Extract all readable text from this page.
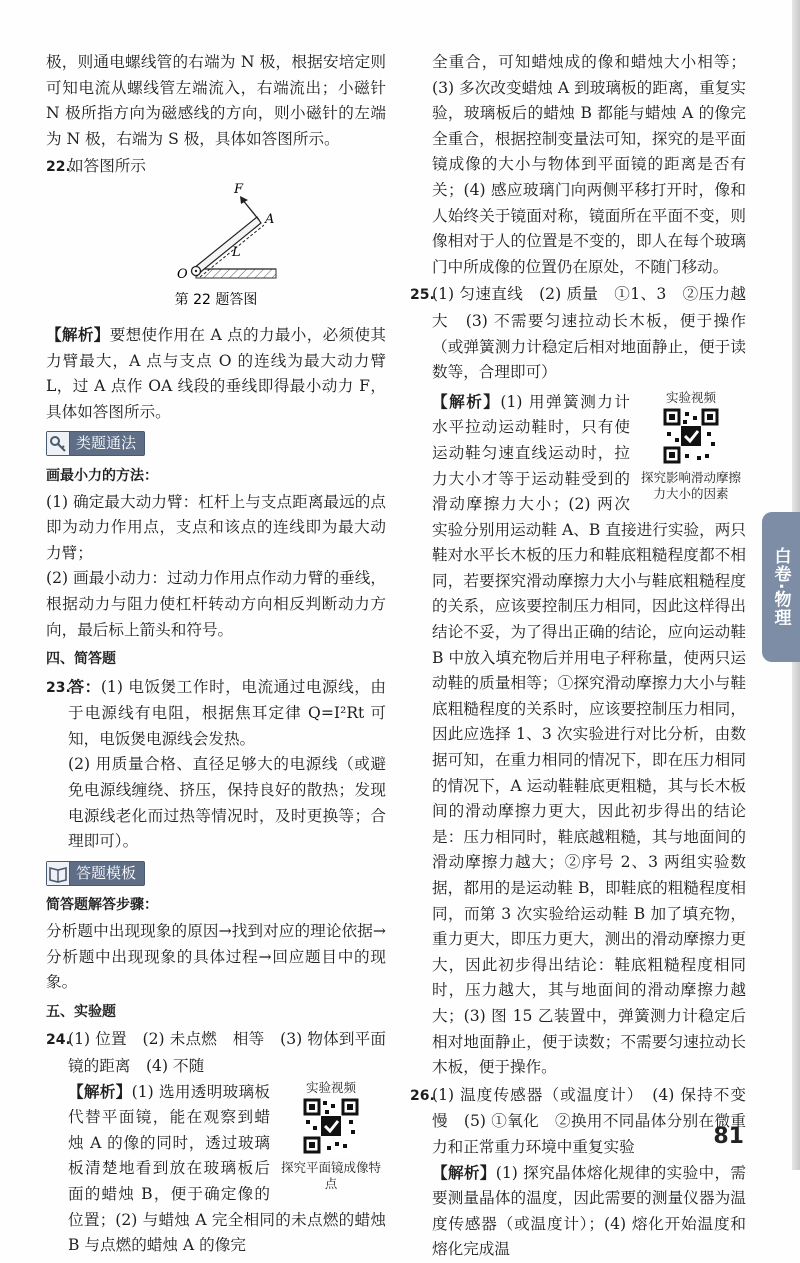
极，则通电螺线管的右端为 N 极，根据安培定则可知电流从螺线管左端流入，右端流出；小磁针 N 极所指方向为磁感线的方向，则小磁针的左端为 N 极，右端为 S 极，具体如答图所示。

22.如答图所示

F
A
L
O
第 22 题答图

【解析】要想使作用在 A 点的力最小，必须使其力臂最大，A 点与支点 O 的连线为最大动力臂 L，过 A 点作 OA 线段的垂线即得最小动力 F，具体如答图所示。

类题通法

画最小力的方法：

(1) 确定最大动力臂：杠杆上与支点距离最远的点即为动力作用点，支点和该点的连线即为最大动力臂；

(2) 画最小动力：过动力作用点作动力臂的垂线，根据动力与阻力使杠杆转动方向相反判断动力方向，最后标上箭头和符号。

四、简答题

23.答：(1) 电饭煲工作时，电流通过电源线，由于电源线有电阻，根据焦耳定律 Q=I²Rt 可知，电饭煲电源线会发热。

(2) 用质量合格、直径足够大的电源线（或避免电源线缠绕、挤压，保持良好的散热；发现电源线老化而过热等情况时，及时更换等；合理即可）。

答题模板

简答题解答步骤：

分析题中出现现象的原因→找到对应的理论依据→分析题中出现现象的具体过程→回应题目中的现象。

五、实验题

24.(1) 位置　(2) 未点燃　相等　(3) 物体到平面镜的距离　(4) 不随

实验视频
探究平面镜成像特点

【解析】(1) 选用透明玻璃板代替平面镜，能在观察到蜡烛 A 的像的同时，透过玻璃板清楚地看到放在玻璃板后面的蜡烛 B，便于确定像的位置；(2) 与蜡烛 A 完全相同的未点燃的蜡烛 B 与点燃的蜡烛 A 的像完

全重合，可知蜡烛成的像和蜡烛大小相等；(3) 多次改变蜡烛 A 到玻璃板的距离，重复实验，玻璃板后的蜡烛 B 都能与蜡烛 A 的像完全重合，根据控制变量法可知，探究的是平面镜成像的大小与物体到平面镜的距离是否有关；(4) 感应玻璃门向两侧平移打开时，像和人始终关于镜面对称，镜面所在平面不变，则像相对于人的位置是不变的，即人在每个玻璃门中所成像的位置仍在原处，不随门移动。

25.(1) 匀速直线　(2) 质量　①1、3　②压力越大　(3) 不需要匀速拉动长木板，便于操作（或弹簧测力计稳定后相对地面静止，便于读数等，合理即可）

实验视频
探究影响滑动摩擦力大小的因素

【解析】(1) 用弹簧测力计水平拉动运动鞋时，只有使运动鞋匀速直线运动时，拉力大小才等于运动鞋受到的滑动摩擦力大小；(2) 两次实验分别用运动鞋 A、B 直接进行实验，两只鞋对水平长木板的压力和鞋底粗糙程度都不相同，若要探究滑动摩擦力大小与鞋底粗糙程度的关系，应该要控制压力相同，因此这样得出结论不妥，为了得出正确的结论，应向运动鞋 B 中放入填充物后并用电子秤称量，使两只运动鞋的质量相等；①探究滑动摩擦力大小与鞋底粗糙程度的关系时，应该要控制压力相同，因此应选择 1、3 次实验进行对比分析，由数据可知，在重力相同的情况下，即在压力相同的情况下，A 运动鞋鞋底更粗糙，其与长木板间的滑动摩擦力更大，因此初步得出的结论是：压力相同时，鞋底越粗糙，其与地面间的滑动摩擦力越大；②序号 2、3 两组实验数据，都用的是运动鞋 B，即鞋底的粗糙程度相同，而第 3 次实验给运动鞋 B 加了填充物，重力更大，即压力更大，测出的滑动摩擦力更大，因此初步得出结论：鞋底粗糙程度相同时，压力越大，其与地面间的滑动摩擦力越大；(3) 图 15 乙装置中，弹簧测力计稳定后相对地面静止，便于读数；不需要匀速拉动长木板，便于操作。

26.(1) 温度传感器（或温度计）　(4) 保持不变　慢　(5) ①氧化　②换用不同晶体分别在微重力和正常重力环境中重复实验

【解析】(1) 探究晶体熔化规律的实验中，需要测量晶体的温度，因此需要的测量仪器为温度传感器（或温度计）；(4) 熔化开始温度和熔化完成温

白卷·物理
81
